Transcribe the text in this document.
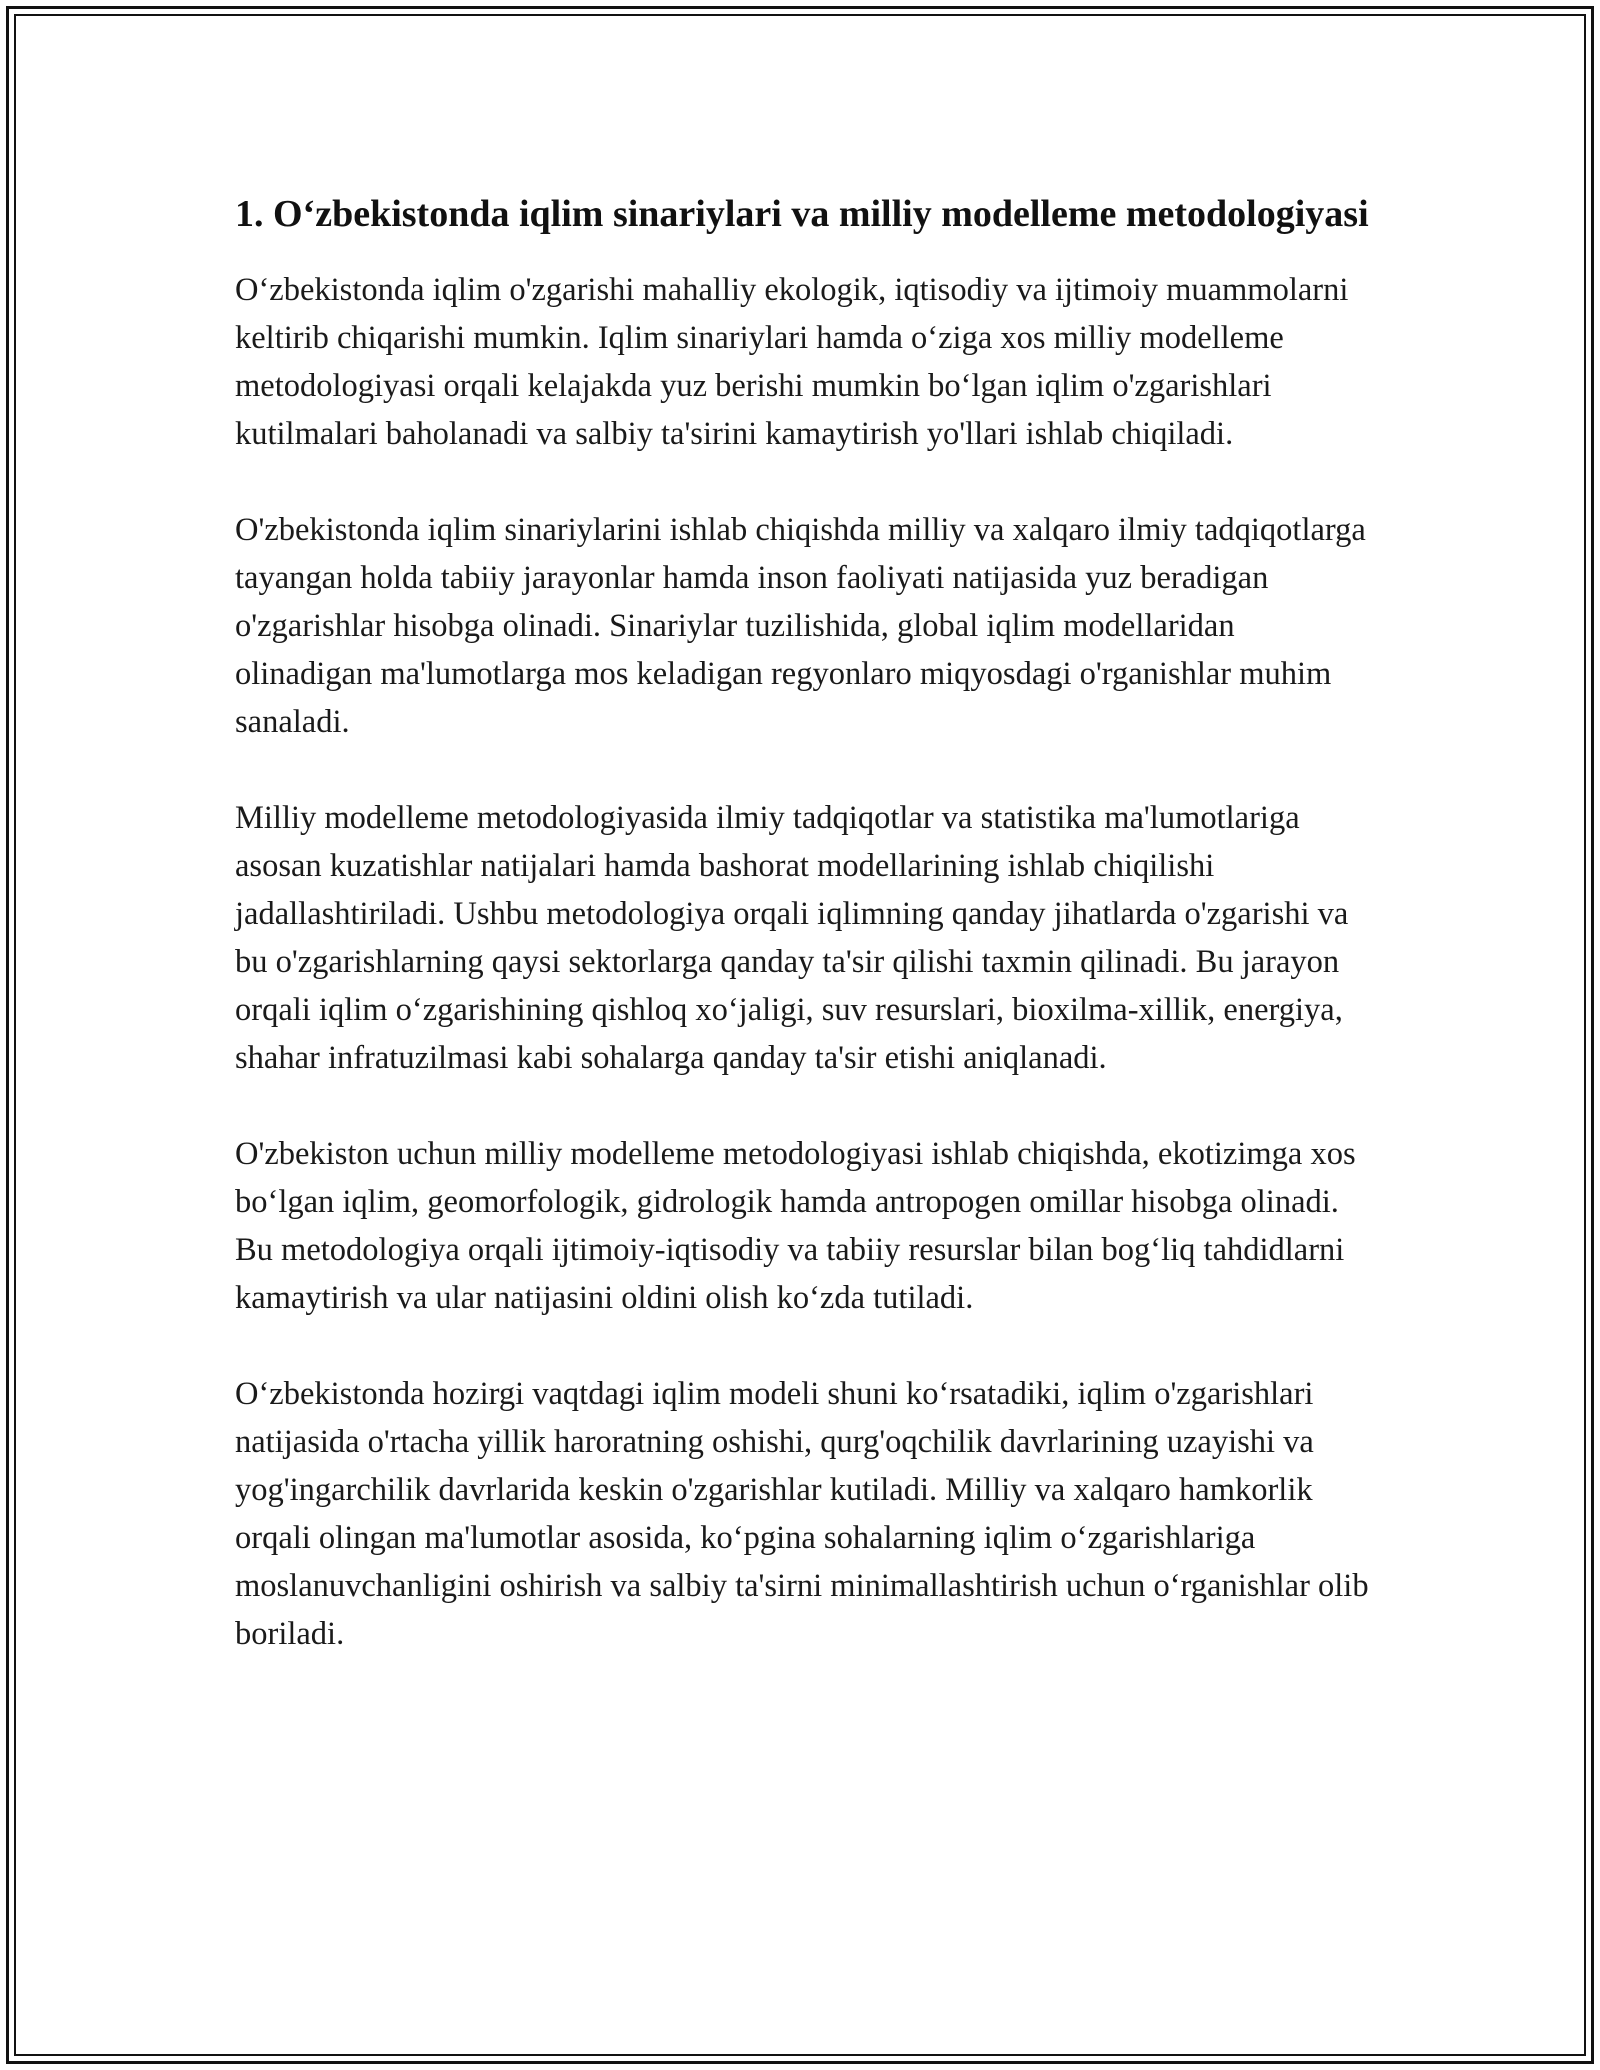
1. O‘zbekistonda iqlim sinariylari va milliy modelleme metodologiyasi

O‘zbekistonda iqlim o'zgarishi mahalliy ekologik, iqtisodiy va ijtimoiy muammolarni keltirib chiqarishi mumkin. Iqlim sinariylari hamda o‘ziga xos milliy modelleme metodologiyasi orqali kelajakda yuz berishi mumkin bo‘lgan iqlim o'zgarishlari kutilmalari baholanadi va salbiy ta'sirini kamaytirish yo'llari ishlab chiqiladi.

O'zbekistonda iqlim sinariylarini ishlab chiqishda milliy va xalqaro ilmiy tadqiqotlarga tayangan holda tabiiy jarayonlar hamda inson faoliyati natijasida yuz beradigan o'zgarishlar hisobga olinadi. Sinariylar tuzilishida, global iqlim modellaridan olinadigan ma'lumotlarga mos keladigan regyonlaro miqyosdagi o'rganishlar muhim sanaladi.

Milliy modelleme metodologiyasida ilmiy tadqiqotlar va statistika ma'lumotlariga asosan kuzatishlar natijalari hamda bashorat modellarining ishlab chiqilishi jadallashtiriladi. Ushbu metodologiya orqali iqlimning qanday jihatlarda o'zgarishi va bu o'zgarishlarning qaysi sektorlarga qanday ta'sir qilishi taxmin qilinadi. Bu jarayon orqali iqlim o‘zgarishining qishloq xo‘jaligi, suv resurslari, bioxilma-xillik, energiya, shahar infratuzilmasi kabi sohalarga qanday ta'sir etishi aniqlanadi.

O'zbekiston uchun milliy modelleme metodologiyasi ishlab chiqishda, ekotizimga xos bo‘lgan iqlim, geomorfologik, gidrologik hamda antropogen omillar hisobga olinadi. Bu metodologiya orqali ijtimoiy-iqtisodiy va tabiiy resurslar bilan bog‘liq tahdidlarni kamaytirish va ular natijasini oldini olish ko‘zda tutiladi.

O‘zbekistonda hozirgi vaqtdagi iqlim modeli shuni ko‘rsatadiki, iqlim o'zgarishlari natijasida o'rtacha yillik haroratning oshishi, qurg'oqchilik davrlarining uzayishi va yog'ingarchilik davrlarida keskin o'zgarishlar kutiladi. Milliy va xalqaro hamkorlik orqali olingan ma'lumotlar asosida, ko‘pgina sohalarning iqlim o‘zgarishlariga moslanuvchanligini oshirish va salbiy ta'sirni minimallashtirish uchun o‘rganishlar olib boriladi.
